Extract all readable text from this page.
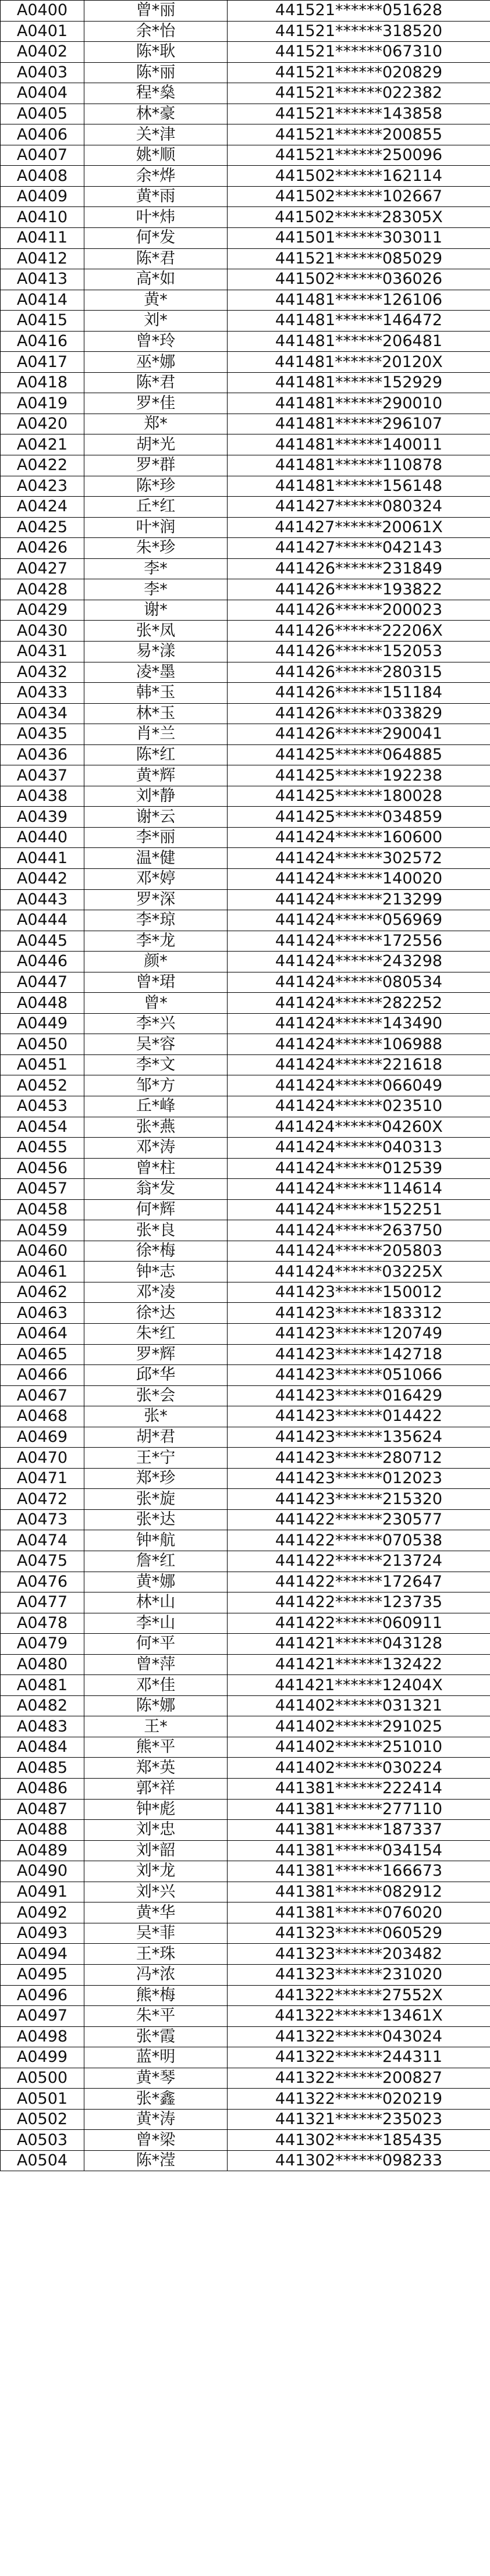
A0400	曾*丽	441521******051628
A0401	余*怡	441521******318520
A0402	陈*耿	441521******067310
A0403	陈*丽	441521******020829
A0404	程*燊	441521******022382
A0405	林*豪	441521******143858
A0406	关*津	441521******200855
A0407	姚*顺	441521******250096
A0408	余*烨	441502******162114
A0409	黄*雨	441502******102667
A0410	叶*炜	441502******28305X
A0411	何*发	441501******303011
A0412	陈*君	441521******085029
A0413	高*如	441502******036026
A0414	黄*	441481******126106
A0415	刘*	441481******146472
A0416	曾*玲	441481******206481
A0417	巫*娜	441481******20120X
A0418	陈*君	441481******152929
A0419	罗*佳	441481******290010
A0420	郑*	441481******296107
A0421	胡*光	441481******140011
A0422	罗*群	441481******110878
A0423	陈*珍	441481******156148
A0424	丘*红	441427******080324
A0425	叶*润	441427******20061X
A0426	朱*珍	441427******042143
A0427	李*	441426******231849
A0428	李*	441426******193822
A0429	谢*	441426******200023
A0430	张*凤	441426******22206X
A0431	易*漾	441426******152053
A0432	凌*墨	441426******280315
A0433	韩*玉	441426******151184
A0434	林*玉	441426******033829
A0435	肖*兰	441426******290041
A0436	陈*红	441425******064885
A0437	黄*辉	441425******192238
A0438	刘*静	441425******180028
A0439	谢*云	441425******034859
A0440	李*丽	441424******160600
A0441	温*健	441424******302572
A0442	邓*婷	441424******140020
A0443	罗*深	441424******213299
A0444	李*琼	441424******056969
A0445	李*龙	441424******172556
A0446	颜*	441424******243298
A0447	曾*珺	441424******080534
A0448	曾*	441424******282252
A0449	李*兴	441424******143490
A0450	吴*容	441424******106988
A0451	李*文	441424******221618
A0452	邹*方	441424******066049
A0453	丘*峰	441424******023510
A0454	张*燕	441424******04260X
A0455	邓*涛	441424******040313
A0456	曾*柱	441424******012539
A0457	翁*发	441424******114614
A0458	何*辉	441424******152251
A0459	张*良	441424******263750
A0460	徐*梅	441424******205803
A0461	钟*志	441424******03225X
A0462	邓*凌	441423******150012
A0463	徐*达	441423******183312
A0464	朱*红	441423******120749
A0465	罗*辉	441423******142718
A0466	邱*华	441423******051066
A0467	张*会	441423******016429
A0468	张*	441423******014422
A0469	胡*君	441423******135624
A0470	王*宁	441423******280712
A0471	郑*珍	441423******012023
A0472	张*旋	441423******215320
A0473	张*达	441422******230577
A0474	钟*航	441422******070538
A0475	詹*红	441422******213724
A0476	黄*娜	441422******172647
A0477	林*山	441422******123735
A0478	李*山	441422******060911
A0479	何*平	441421******043128
A0480	曾*萍	441421******132422
A0481	邓*佳	441421******12404X
A0482	陈*娜	441402******031321
A0483	王*	441402******291025
A0484	熊*平	441402******251010
A0485	郑*英	441402******030224
A0486	郭*祥	441381******222414
A0487	钟*彪	441381******277110
A0488	刘*忠	441381******187337
A0489	刘*韶	441381******034154
A0490	刘*龙	441381******166673
A0491	刘*兴	441381******082912
A0492	黄*华	441381******076020
A0493	吴*菲	441323******060529
A0494	王*珠	441323******203482
A0495	冯*浓	441323******231020
A0496	熊*梅	441322******27552X
A0497	朱*平	441322******13461X
A0498	张*霞	441322******043024
A0499	蓝*明	441322******244311
A0500	黄*琴	441322******200827
A0501	张*鑫	441322******020219
A0502	黄*涛	441321******235023
A0503	曾*梁	441302******185435
A0504	陈*滢	441302******098233
